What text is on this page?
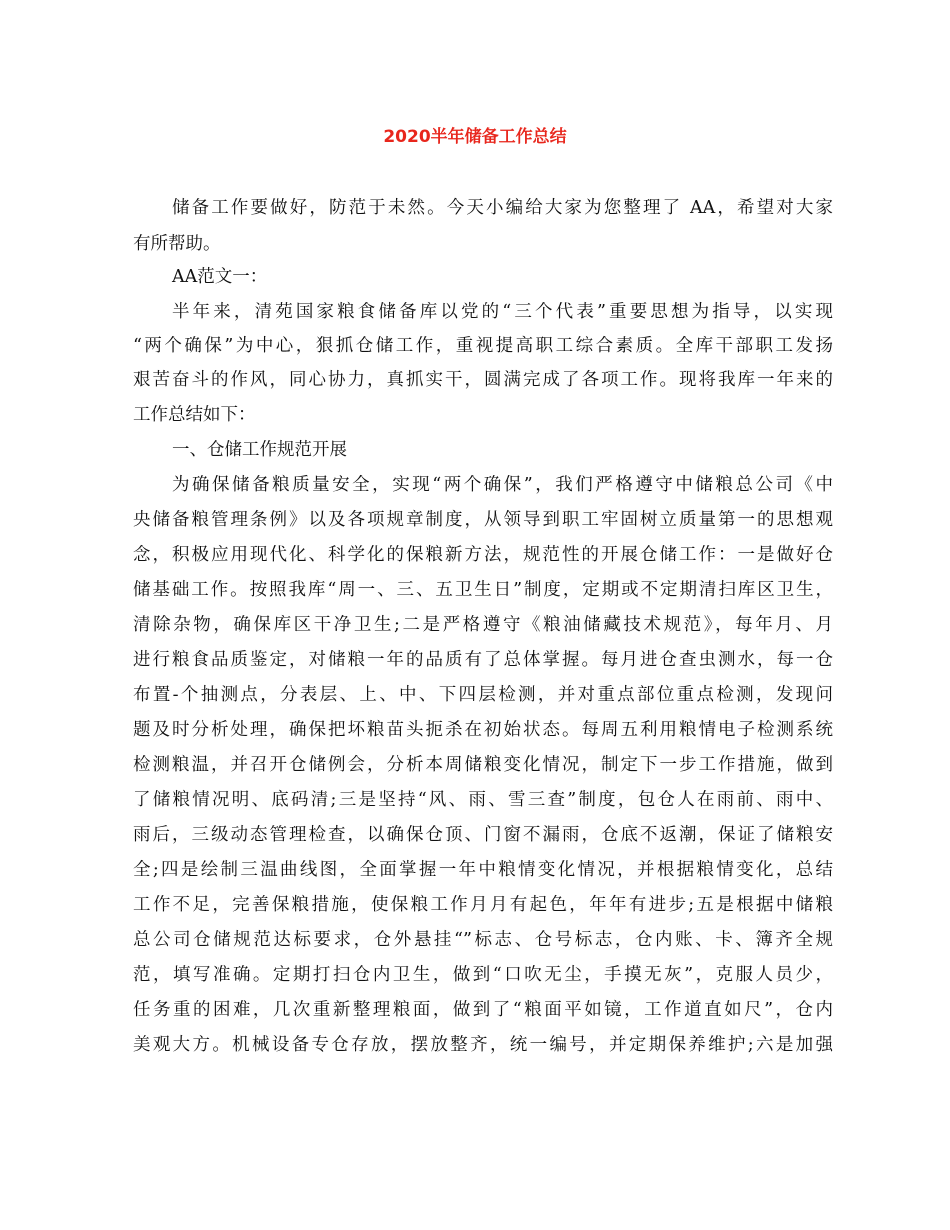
2020半年储备工作总结

储备工作要做好，防范于未然。今天小编给大家为您整理了 AA，希望对大家

有所帮助。

AA范文一：

半年来，清苑国家粮食储备库以党的“三个代表”重要思想为指导，以实现

“两个确保”为中心，狠抓仓储工作，重视提高职工综合素质。全库干部职工发扬

艰苦奋斗的作风，同心协力，真抓实干，圆满完成了各项工作。现将我库一年来的

工作总结如下：

一、仓储工作规范开展

为确保储备粮质量安全，实现“两个确保”，我们严格遵守中储粮总公司《中

央储备粮管理条例》以及各项规章制度，从领导到职工牢固树立质量第一的思想观

念，积极应用现代化、科学化的保粮新方法，规范性的开展仓储工作：一是做好仓

储基础工作。按照我库“周一、三、五卫生日”制度，定期或不定期清扫库区卫生，

清除杂物，确保库区干净卫生;二是严格遵守《粮油储藏技术规范》，每年月、月

进行粮食品质鉴定，对储粮一年的品质有了总体掌握。每月进仓查虫测水，每一仓

布置-个抽测点，分表层、上、中、下四层检测，并对重点部位重点检测，发现问

题及时分析处理，确保把坏粮苗头扼杀在初始状态。每周五利用粮情电子检测系统

检测粮温，并召开仓储例会，分析本周储粮变化情况，制定下一步工作措施，做到

了储粮情况明、底码清;三是坚持“风、雨、雪三查”制度，包仓人在雨前、雨中、

雨后，三级动态管理检查，以确保仓顶、门窗不漏雨，仓底不返潮，保证了储粮安

全;四是绘制三温曲线图，全面掌握一年中粮情变化情况，并根据粮情变化，总结

工作不足，完善保粮措施，使保粮工作月月有起色，年年有进步;五是根据中储粮

总公司仓储规范达标要求，仓外悬挂“”标志、仓号标志，仓内账、卡、簿齐全规

范，填写准确。定期打扫仓内卫生，做到“口吹无尘，手摸无灰”，克服人员少，

任务重的困难，几次重新整理粮面，做到了“粮面平如镜，工作道直如尺”，仓内

美观大方。机械设备专仓存放，摆放整齐，统一编号，并定期保养维护;六是加强
